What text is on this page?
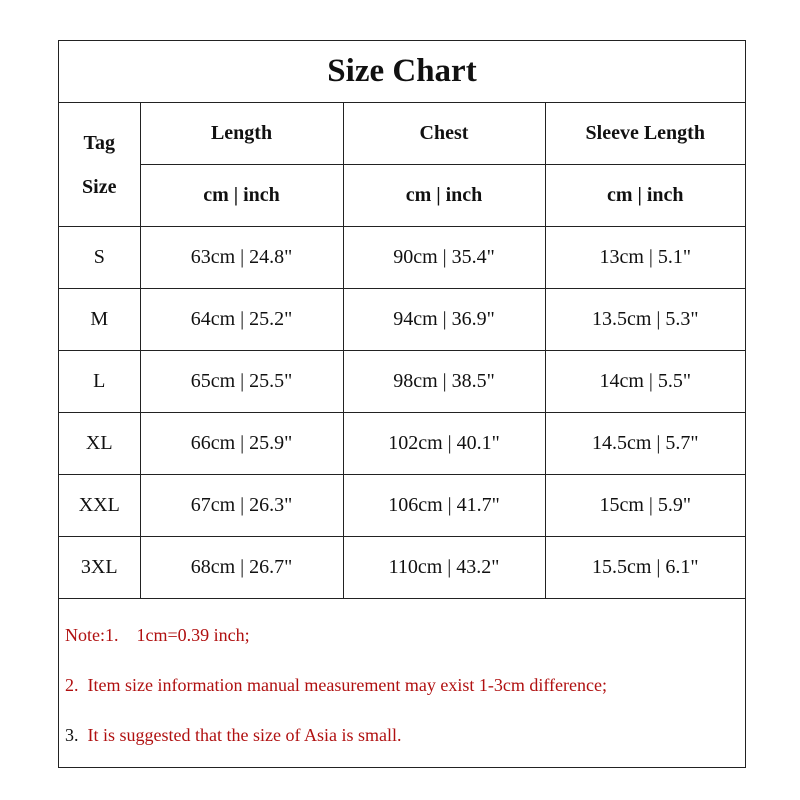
Size Chart			

Tag
Size	Length	Chest	Sleeve Length
	cm | inch	cm | inch	cm | inch
S	63cm | 24.8"	90cm | 35.4"	13cm | 5.1"
M	64cm | 25.2"	94cm | 36.9"	13.5cm | 5.3"
L	65cm | 25.5"	98cm | 38.5"	14cm | 5.5"
XL	66cm | 25.9"	102cm | 40.1"	14.5cm | 5.7"
XXL	67cm | 26.3"	106cm | 41.7"	15cm | 5.9"
3XL	68cm | 26.7"	110cm | 43.2"	15.5cm | 6.1"
Note:1.    1cm=0.39 inch;
2.  Item size information manual measurement may exist 1-3cm difference;
3.  It is suggested that the size of Asia is small.
